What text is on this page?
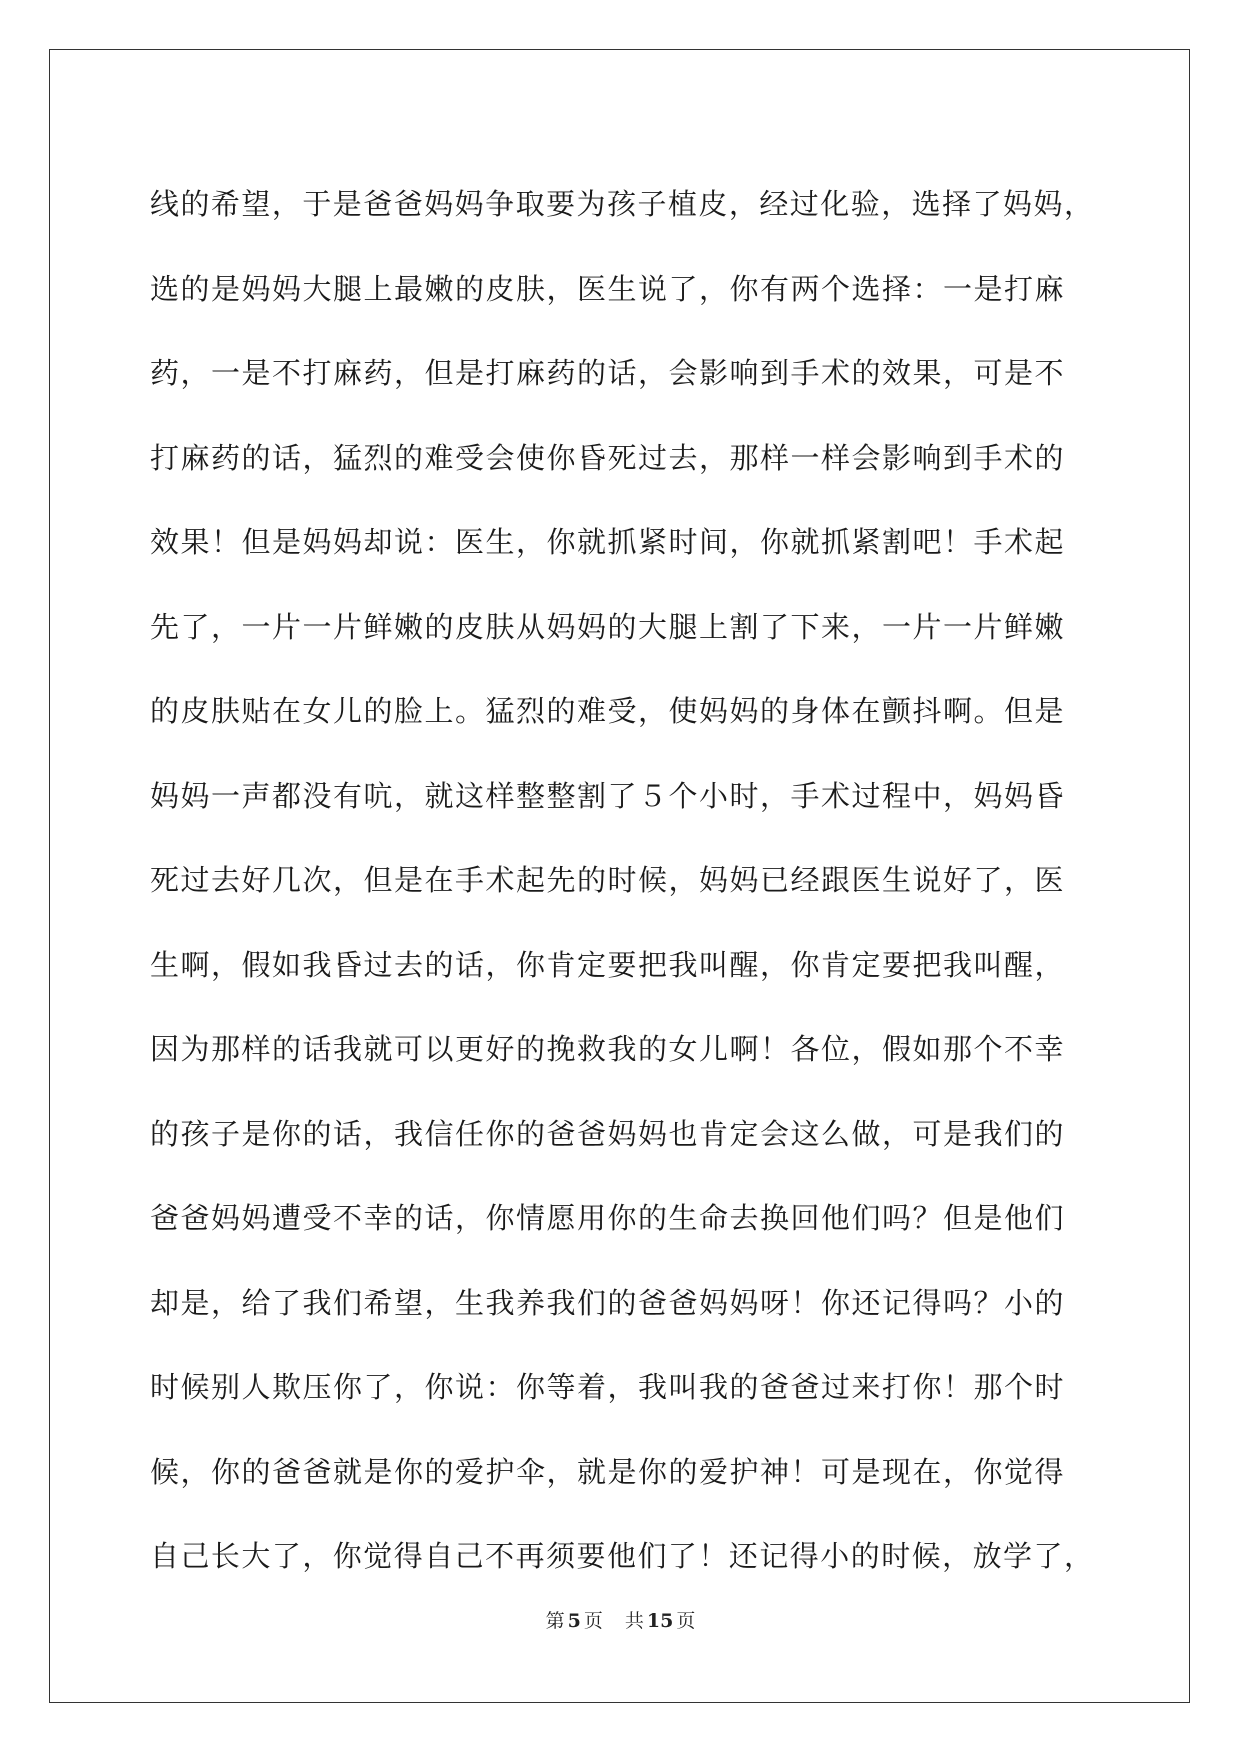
线的希望，于是爸爸妈妈争取要为孩子植皮，经过化验，选择了妈妈，
选的是妈妈大腿上最嫩的皮肤，医生说了，你有两个选择：一是打麻
药，一是不打麻药，但是打麻药的话，会影响到手术的效果，可是不
打麻药的话，猛烈的难受会使你昏死过去，那样一样会影响到手术的
效果！但是妈妈却说：医生，你就抓紧时间，你就抓紧割吧！手术起
先了，一片一片鲜嫩的皮肤从妈妈的大腿上割了下来，一片一片鲜嫩
的皮肤贴在女儿的脸上。猛烈的难受，使妈妈的身体在颤抖啊。但是
妈妈一声都没有吭，就这样整整割了５个小时，手术过程中，妈妈昏
死过去好几次，但是在手术起先的时候，妈妈已经跟医生说好了，医
生啊，假如我昏过去的话，你肯定要把我叫醒，你肯定要把我叫醒，
因为那样的话我就可以更好的挽救我的女儿啊！各位，假如那个不幸
的孩子是你的话，我信任你的爸爸妈妈也肯定会这么做，可是我们的
爸爸妈妈遭受不幸的话，你情愿用你的生命去换回他们吗？但是他们
却是，给了我们希望，生我养我们的爸爸妈妈呀！你还记得吗？小的
时候别人欺压你了，你说：你等着，我叫我的爸爸过来打你！那个时
候，你的爸爸就是你的爱护伞，就是你的爱护神！可是现在，你觉得
自己长大了，你觉得自己不再须要他们了！还记得小的时候，放学了，
第 5 页 共 15 页
